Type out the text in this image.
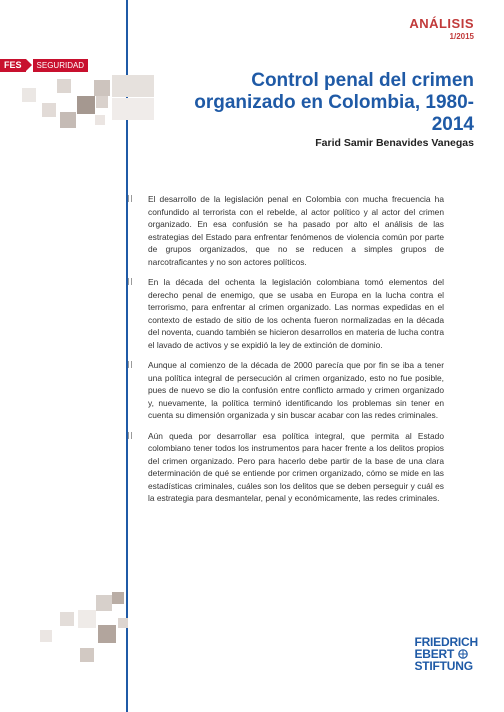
ANÁLISIS
1/2015
FES	SEGURIDAD
Control penal del crimen organizado en Colombia, 1980-2014
Farid Samir Benavides Vanegas
El desarrollo de la legislación penal en Colombia con mucha frecuencia ha confundido al terrorista con el rebelde, al actor político y al actor del crimen organizado. En esa confusión se ha pasado por alto el análisis de las estrategias del Estado para enfrentar fenómenos de violencia común por parte de grupos organizados, que no se reducen a simples grupos de narcotraficantes y no son actores políticos.
En la década del ochenta la legislación colombiana tomó elementos del derecho penal de enemigo, que se usaba en Europa en la lucha contra el terrorismo, para enfrentar al crimen organizado. Las normas expedidas en el contexto de estado de sitio de los ochenta fueron normalizadas en la década del noventa, cuando también se hicieron desarrollos en materia de lucha contra el lavado de activos y se expidió la ley de extinción de dominio.
Aunque al comienzo de la década de 2000 parecía que por fin se iba a tener una política integral de persecución al crimen organizado, esto no fue posible, pues de nuevo se dio la confusión entre conflicto armado y crimen organizado y, nuevamente, la política terminó identificando los problemas sin tener en cuenta su dimensión organizada y sin buscar acabar con las redes criminales.
Aún queda por desarrollar esa política integral, que permita al Estado colombiano tener todos los instrumentos para hacer frente a los delitos propios del crimen organizado. Pero para hacerlo debe partir de la base de una clara determinación de qué se entiende por crimen organizado, cómo se mide en las estadísticas criminales, cuáles son los delitos que se deben perseguir y cuál es la estrategia para desmantelar, penal y económicamente, las redes criminales.
FRIEDRICH
EBERT
STIFTUNG
